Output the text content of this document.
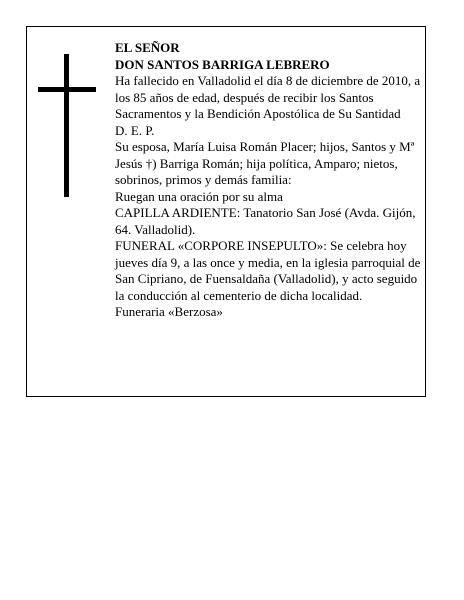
EL SEÑOR
DON SANTOS BARRIGA LEBRERO
Ha fallecido en Valladolid el día 8 de diciembre de 2010, a los 85 años de edad, después de recibir los Santos Sacramentos y la Bendición Apostólica de Su Santidad
D. E. P.
Su esposa, María Luisa Román Placer; hijos, Santos y Mª Jesús †) Barriga Román; hija política, Amparo; nietos, sobrinos, primos y demás familia:
Ruegan una oración por su alma
CAPILLA ARDIENTE: Tanatorio San José (Avda. Gijón, 64. Valladolid).
FUNERAL «CORPORE INSEPULTO»: Se celebra hoy jueves día 9, a las once y media, en la iglesia parroquial de San Cipriano, de Fuensaldaña (Valladolid), y acto seguido la conducción al cementerio de dicha localidad.
Funeraria «Berzosa»
